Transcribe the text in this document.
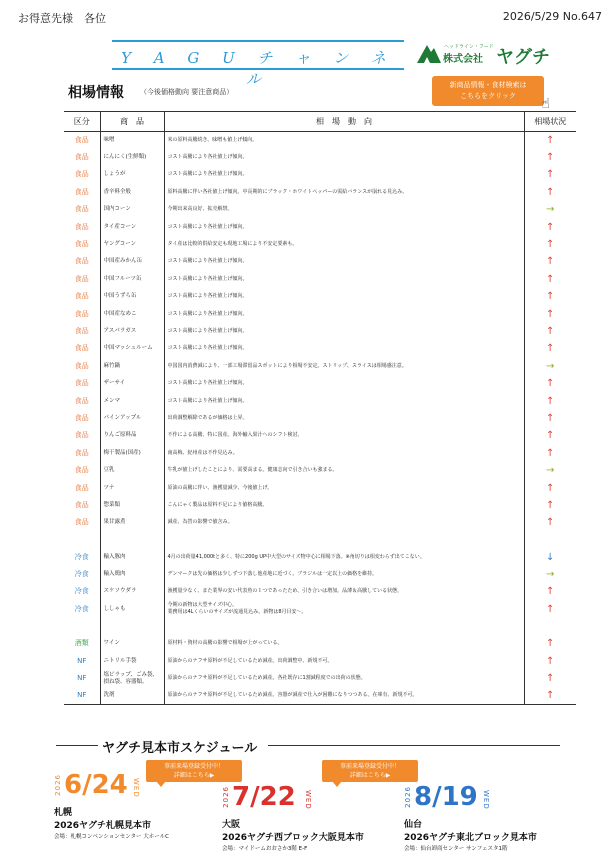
お得意先様　各位	2026/5/29 No.647
Y A G U チ ャ ン ネ ル
ヘッドライン・フード
株式会社 ヤグチ
新商品情報・食材検索は
こちらをクリック	☝
相場情報 （今後価格動向 要注意商品）
区分	商　品	相　場　動　向	相場状況
食品	味噌	米の原料高騰続き、味噌も値上げ傾向。	↑
食品	にんにく(生鮮類)	コスト高騰により各社値上げ傾向。	↑
食品	しょうが	コスト高騰により各社値上げ傾向。	↑
食品	香辛料全般	原料高騰に伴い各社値上げ傾向。中長期的にブラック・ホワイトペッパーの需給バランスが崩れる見込み。	↑
食品	国内コーン	今期出来高良好、拡売解禁。	→
食品	タイ産コーン	コスト高騰により各社値上げ傾向。	↑
食品	ヤングコーン	タイ産は比較的供給安定も現地工場により不安定要素も。	↑
食品	中国産みかん缶	コスト高騰により各社値上げ傾向。	↑
食品	中国フルーツ缶	コスト高騰により各社値上げ傾向。	↑
食品	中国うずら缶	コスト高騰により各社値上げ傾向。	↑
食品	中国産なめこ	コスト高騰により各社値上げ傾向。	↑
食品	アスパラガス	コスト高騰により各社値上げ傾向。	↑
食品	中国マッシュルーム	コスト高騰により各社値上げ傾向。	↑
食品	麻竹鍋	中国国内消費減により、一部工場滞留品スポットにより相場不安定。ストリップ、スライスは相場感注意。	→
食品	ザーサイ	コスト高騰により各社値上げ傾向。	↑
食品	メンマ	コスト高騰により各社値上げ傾向。	↑
食品	パインアップル	出荷調整解除であるが価格は上昇。	↑
食品	りんご原料品	不作による高騰、特に国産。海外輸入果汁へのシフト検討。	↑
食品	梅干製品(国産)	南高梅、紀州産は不作見込み。	↑
食品	豆乳	牛乳が値上げしたことにより、需要高まる。健康志向で引き合いも強まる。	→
食品	ツナ	原油の高騰に伴い、漁獲量減少、今後値上げ。	↑
食品	惣菜類	こんにゃく製品は原料不足により値格高騰。	↑
食品	果甘露煮	減産、為替の影響で値含み。	↑

冷食	輸入豚肉	4月の出荷量41,000tと多く、特に200g UP中大型のサイズ物中心に相場下落。※角切りは相変わらず出てこない。	↓
冷食	輸入鶏肉	デンマークは先の価格は少しずつ下落し他産地に近づく。ブラジルは一定以上の価格を維持。	→
冷食	スケソウダラ	漁獲量少なく、また業界の安い代表魚の１つであったため、引き合いは増加。品薄＆高騰している状態。	↑
冷食	ししゃも	今期の新物は大型サイズ中心。
業務用は4Lくらいのサイズが流通見込み。新物は8月目安～。	↑

酒類	ワイン	原材料・資材の高騰の影響で相場が上がっている。	↑
NF	ニトリル手袋	原油からのナフサ原料が不足しているため減産。出荷調整中、新規不可。	↑
NF	塩ビラップ、ごみ袋、損ね袋、容器類、	原油からのナフサ原料が不足しているため減産。各社既存に1割減程度での出荷の状態。	↑
NF	洗剤	原油からのナフサ原料が不足しているため減産。容器が減産で仕入が困難になりつつある。在庫有、新規不可。	↑
ヤグチ見本市スケジュール
事前来場登録受付中！
詳細はこちら▶
2026 6/24 WED
札幌
2026ヤグチ札幌見本市
会場：札幌コンベンションセンター 大ホールC
2026 7/22 WED
大阪
2026ヤグチ西ブロック大阪見本市
会場：マイドームおおさか3階 E-F
事前来場登録受付中！
詳細はこちら▶
2026 8/19 WED
仙台
2026ヤグチ東北ブロック見本市
会場：仙台卸商センター サンフェスタ1階
